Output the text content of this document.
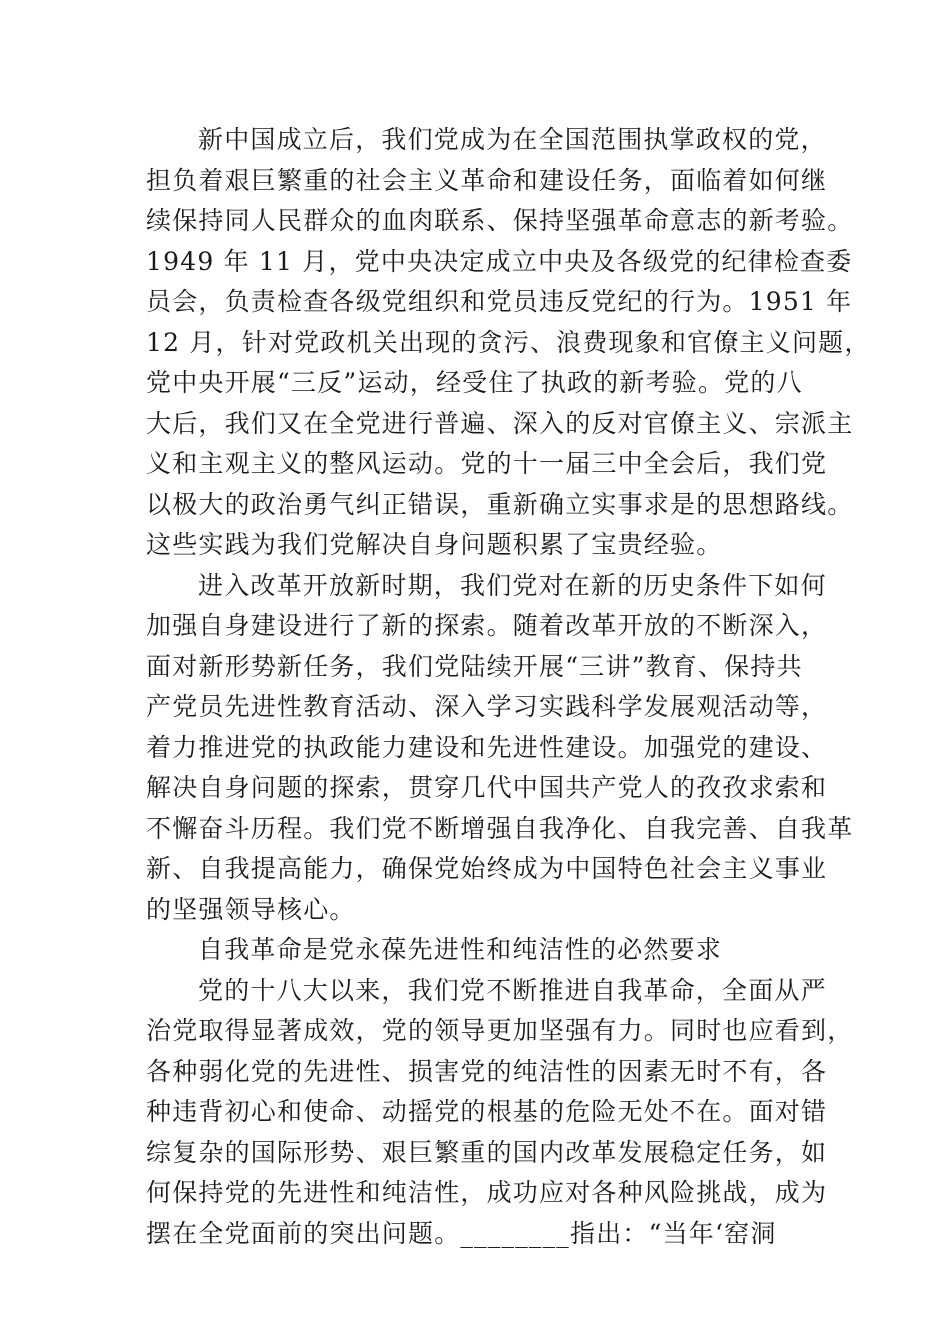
新中国成立后，我们党成为在全国范围执掌政权的党，
担负着艰巨繁重的社会主义革命和建设任务，面临着如何继
续保持同人民群众的血肉联系、保持坚强革命意志的新考验。
1949 年 11 月，党中央决定成立中央及各级党的纪律检查委
员会，负责检查各级党组织和党员违反党纪的行为。1951 年
12 月，针对党政机关出现的贪污、浪费现象和官僚主义问题，
党中央开展“三反”运动，经受住了执政的新考验。党的八
大后，我们又在全党进行普遍、深入的反对官僚主义、宗派主
义和主观主义的整风运动。党的十一届三中全会后，我们党
以极大的政治勇气纠正错误，重新确立实事求是的思想路线。
这些实践为我们党解决自身问题积累了宝贵经验。
进入改革开放新时期，我们党对在新的历史条件下如何
加强自身建设进行了新的探索。随着改革开放的不断深入，
面对新形势新任务，我们党陆续开展“三讲”教育、保持共
产党员先进性教育活动、深入学习实践科学发展观活动等，
着力推进党的执政能力建设和先进性建设。加强党的建设、
解决自身问题的探索，贯穿几代中国共产党人的孜孜求索和
不懈奋斗历程。我们党不断增强自我净化、自我完善、自我革
新、自我提高能力，确保党始终成为中国特色社会主义事业
的坚强领导核心。
自我革命是党永葆先进性和纯洁性的必然要求
党的十八大以来，我们党不断推进自我革命，全面从严
治党取得显著成效，党的领导更加坚强有力。同时也应看到，
各种弱化党的先进性、损害党的纯洁性的因素无时不有，各
种违背初心和使命、动摇党的根基的危险无处不在。面对错
综复杂的国际形势、艰巨繁重的国内改革发展稳定任务，如
何保持党的先进性和纯洁性，成功应对各种风险挑战，成为
摆在全党面前的突出问题。________指出：“当年‘窑洞
